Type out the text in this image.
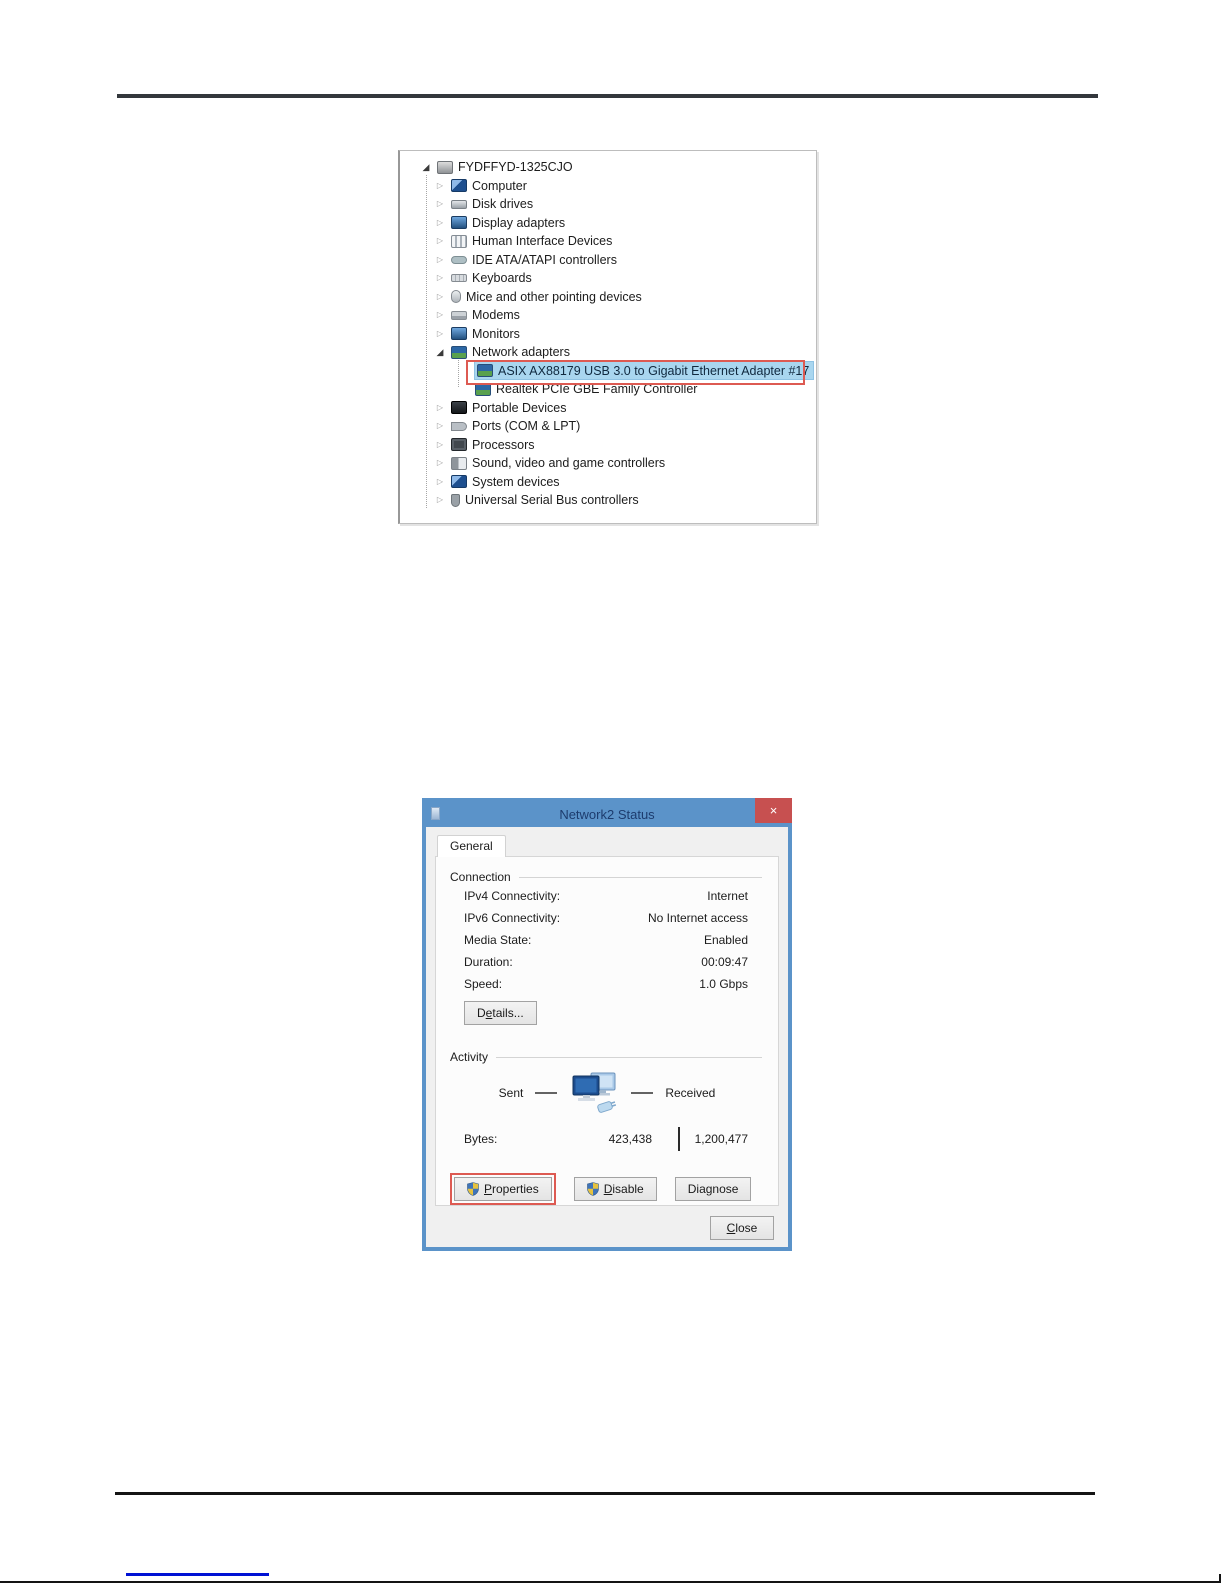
◢
FYDFFYD-1325CJO
▷
Computer
▷
Disk drives
▷
Display adapters
▷
Human Interface Devices
▷
IDE ATA/ATAPI controllers
▷
Keyboards
▷
Mice and other pointing devices
▷
Modems
▷
Monitors
◢
Network adapters
ASIX AX88179 USB 3.0 to Gigabit Ethernet Adapter #17
Realtek PCIe GBE Family Controller
▷
Portable Devices
▷
Ports (COM & LPT)
▷
Processors
▷
Sound, video and game controllers
▷
System devices
▷
Universal Serial Bus controllers
Network2 Status	×
General
Connection
IPv4 Connectivity:	Internet
IPv6 Connectivity:	No Internet access
Media State:	Enabled
Duration:	00:09:47
Speed:	1.0 Gbps
Details...
Activity
Sent	Received
Bytes:	423,438	1,200,477
Properties	Disable	Diagnose
Close
